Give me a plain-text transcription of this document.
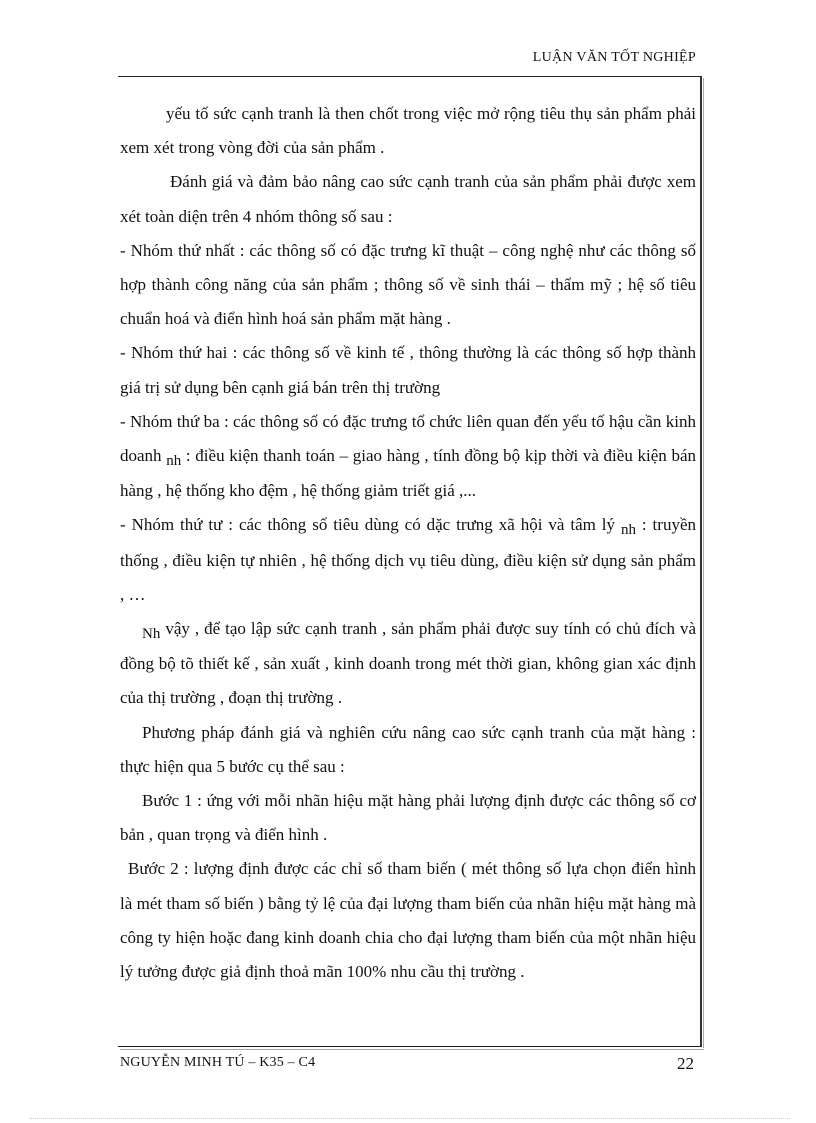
LUẬN VĂN TỐT NGHIỆP

yếu tố sức cạnh tranh là then chốt trong việc mở rộng tiêu thụ sản phẩm phải xem xét trong vòng đời của sản phẩm .

Đánh giá và đảm bảo nâng cao sức cạnh tranh của sản phẩm phải được xem xét toàn diện trên 4 nhóm thông số sau :

- Nhóm thứ nhất : các thông số có đặc trưng kĩ thuật – công nghệ như các thông số hợp thành công năng của sản phẩm ; thông số về sinh thái – thẩm mỹ ; hệ số tiêu chuẩn hoá và điển hình hoá sản phẩm mặt hàng .

- Nhóm thứ hai : các thông số về kinh tế , thông thường là các thông số hợp thành giá trị sử dụng bên cạnh giá bán trên thị trường

- Nhóm thứ ba : các thông số có đặc trưng tổ chức liên quan đến yếu tố hậu cần kinh doanh nh : điều kiện thanh toán – giao hàng , tính đồng bộ kịp thời và điều kiện bán hàng , hệ thống kho đệm , hệ thống giảm triết giá ,...

- Nhóm thứ tư : các thông số tiêu dùng có dặc trưng xã hội và tâm lý nh : truyền thống , điều kiện tự nhiên , hệ thống dịch vụ tiêu dùng, điều kiện sử dụng sản phẩm , …

Nh vậy , để tạo lập sức cạnh tranh , sản phẩm phải được suy tính có chủ đích và đồng bộ tõ thiết kế , sản xuất , kinh doanh trong mét thời gian, không gian xác định của thị trường , đoạn thị trường .

Phương pháp đánh giá và nghiên cứu nâng cao sức cạnh tranh của mặt hàng : thực hiện qua 5 bước cụ thể sau :

Bước 1 : ứng với mỗi nhãn hiệu mặt hàng phải lượng định được các thông số cơ bản , quan trọng và điển hình .

Bước 2 : lượng định được các chỉ số tham biến ( mét thông số lựa chọn điển hình là mét tham số biến ) bằng tỷ lệ của đại lượng tham biến của nhãn hiệu mặt hàng mà công ty hiện hoặc đang kinh doanh chia cho đại lượng tham biến của một nhãn hiệu lý tưởng được giả định thoả mãn 100% nhu cầu thị trường .

NGUYỄN MINH TÚ – K35 – C4	22
